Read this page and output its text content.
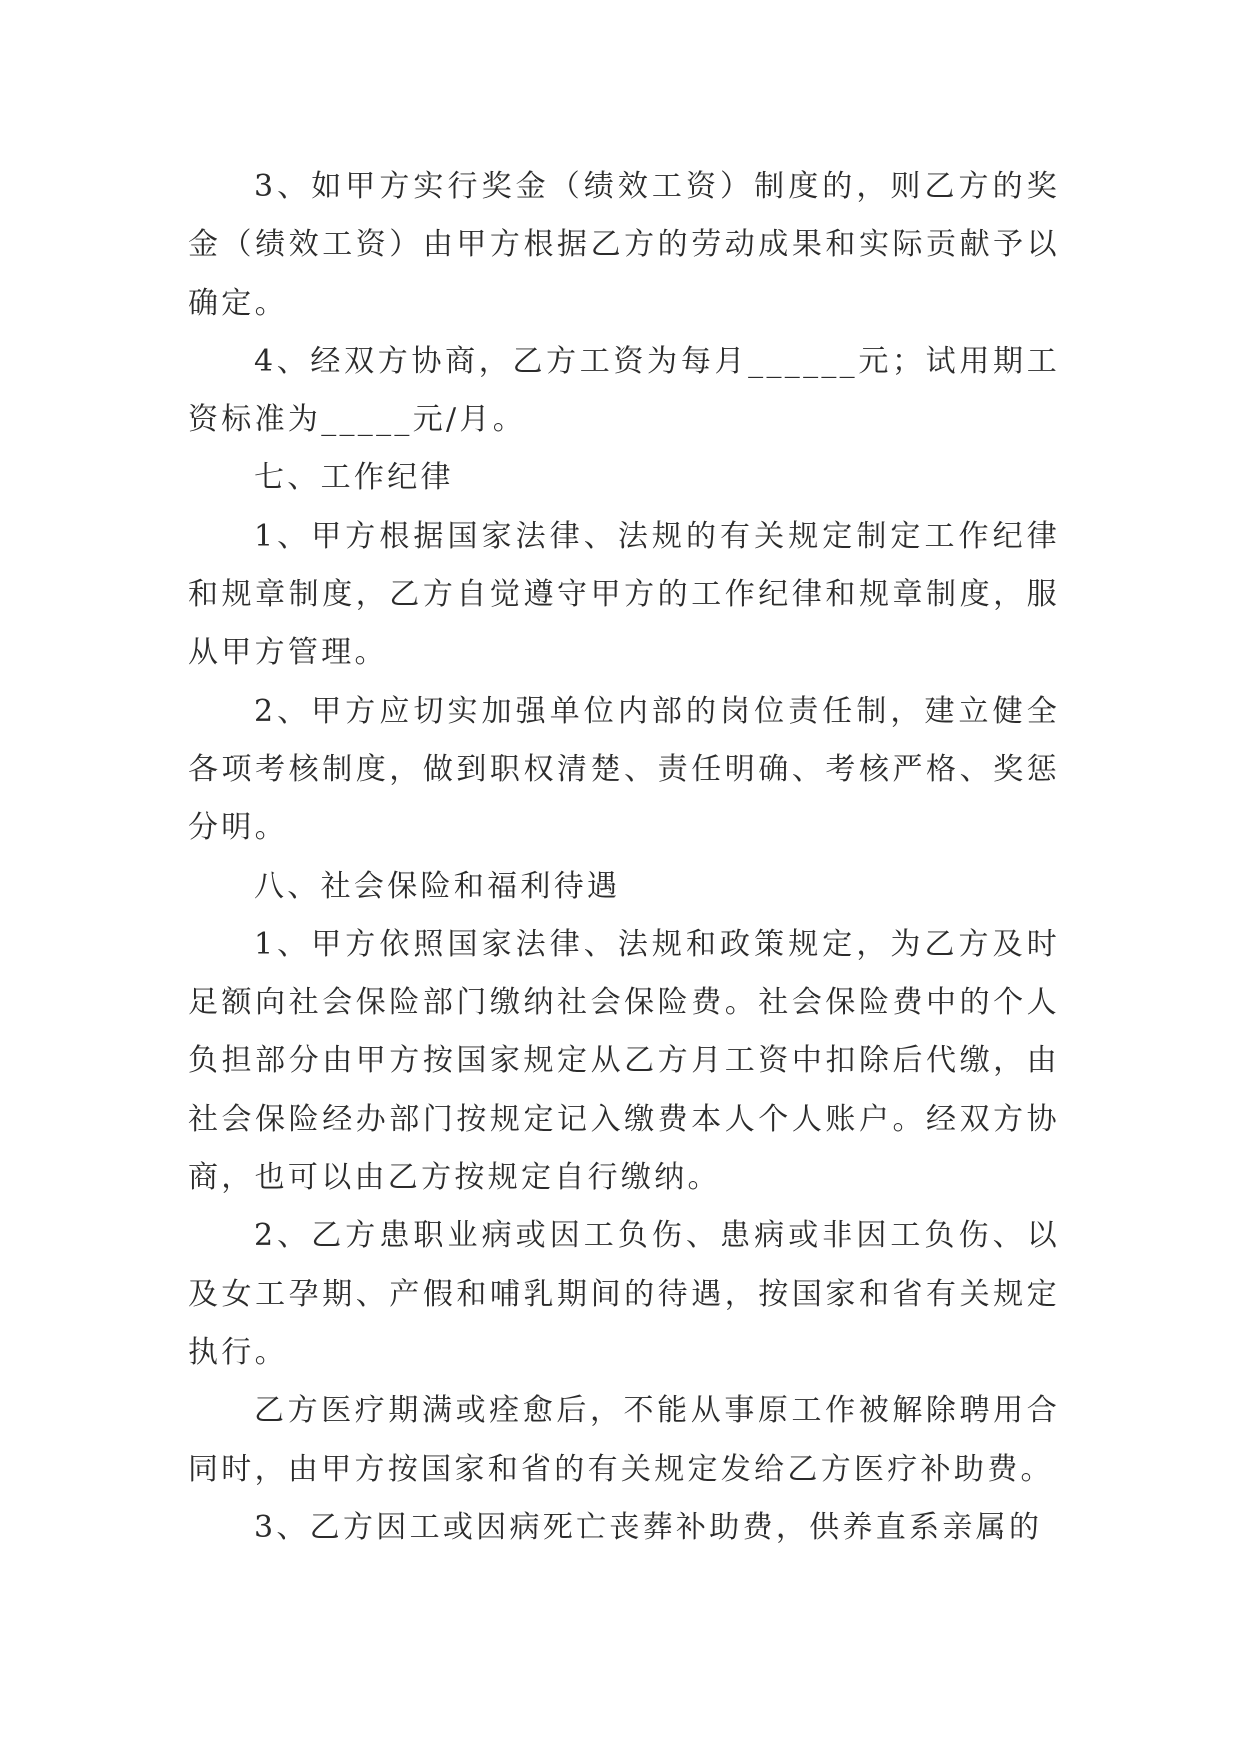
3、如甲方实行奖金（绩效工资）制度的，则乙方的奖金（绩效工资）由甲方根据乙方的劳动成果和实际贡献予以确定。

4、经双方协商，乙方工资为每月______元；试用期工资标准为_____元/月。

七、工作纪律

1、甲方根据国家法律、法规的有关规定制定工作纪律和规章制度，乙方自觉遵守甲方的工作纪律和规章制度，服从甲方管理。

2、甲方应切实加强单位内部的岗位责任制，建立健全各项考核制度，做到职权清楚、责任明确、考核严格、奖惩分明。

八、社会保险和福利待遇

1、甲方依照国家法律、法规和政策规定，为乙方及时足额向社会保险部门缴纳社会保险费。社会保险费中的个人负担部分由甲方按国家规定从乙方月工资中扣除后代缴，由社会保险经办部门按规定记入缴费本人个人账户。经双方协商，也可以由乙方按规定自行缴纳。

2、乙方患职业病或因工负伤、患病或非因工负伤、以及女工孕期、产假和哺乳期间的待遇，按国家和省有关规定执行。

乙方医疗期满或痊愈后，不能从事原工作被解除聘用合同时，由甲方按国家和省的有关规定发给乙方医疗补助费。

3、乙方因工或因病死亡丧葬补助费，供养直系亲属的
